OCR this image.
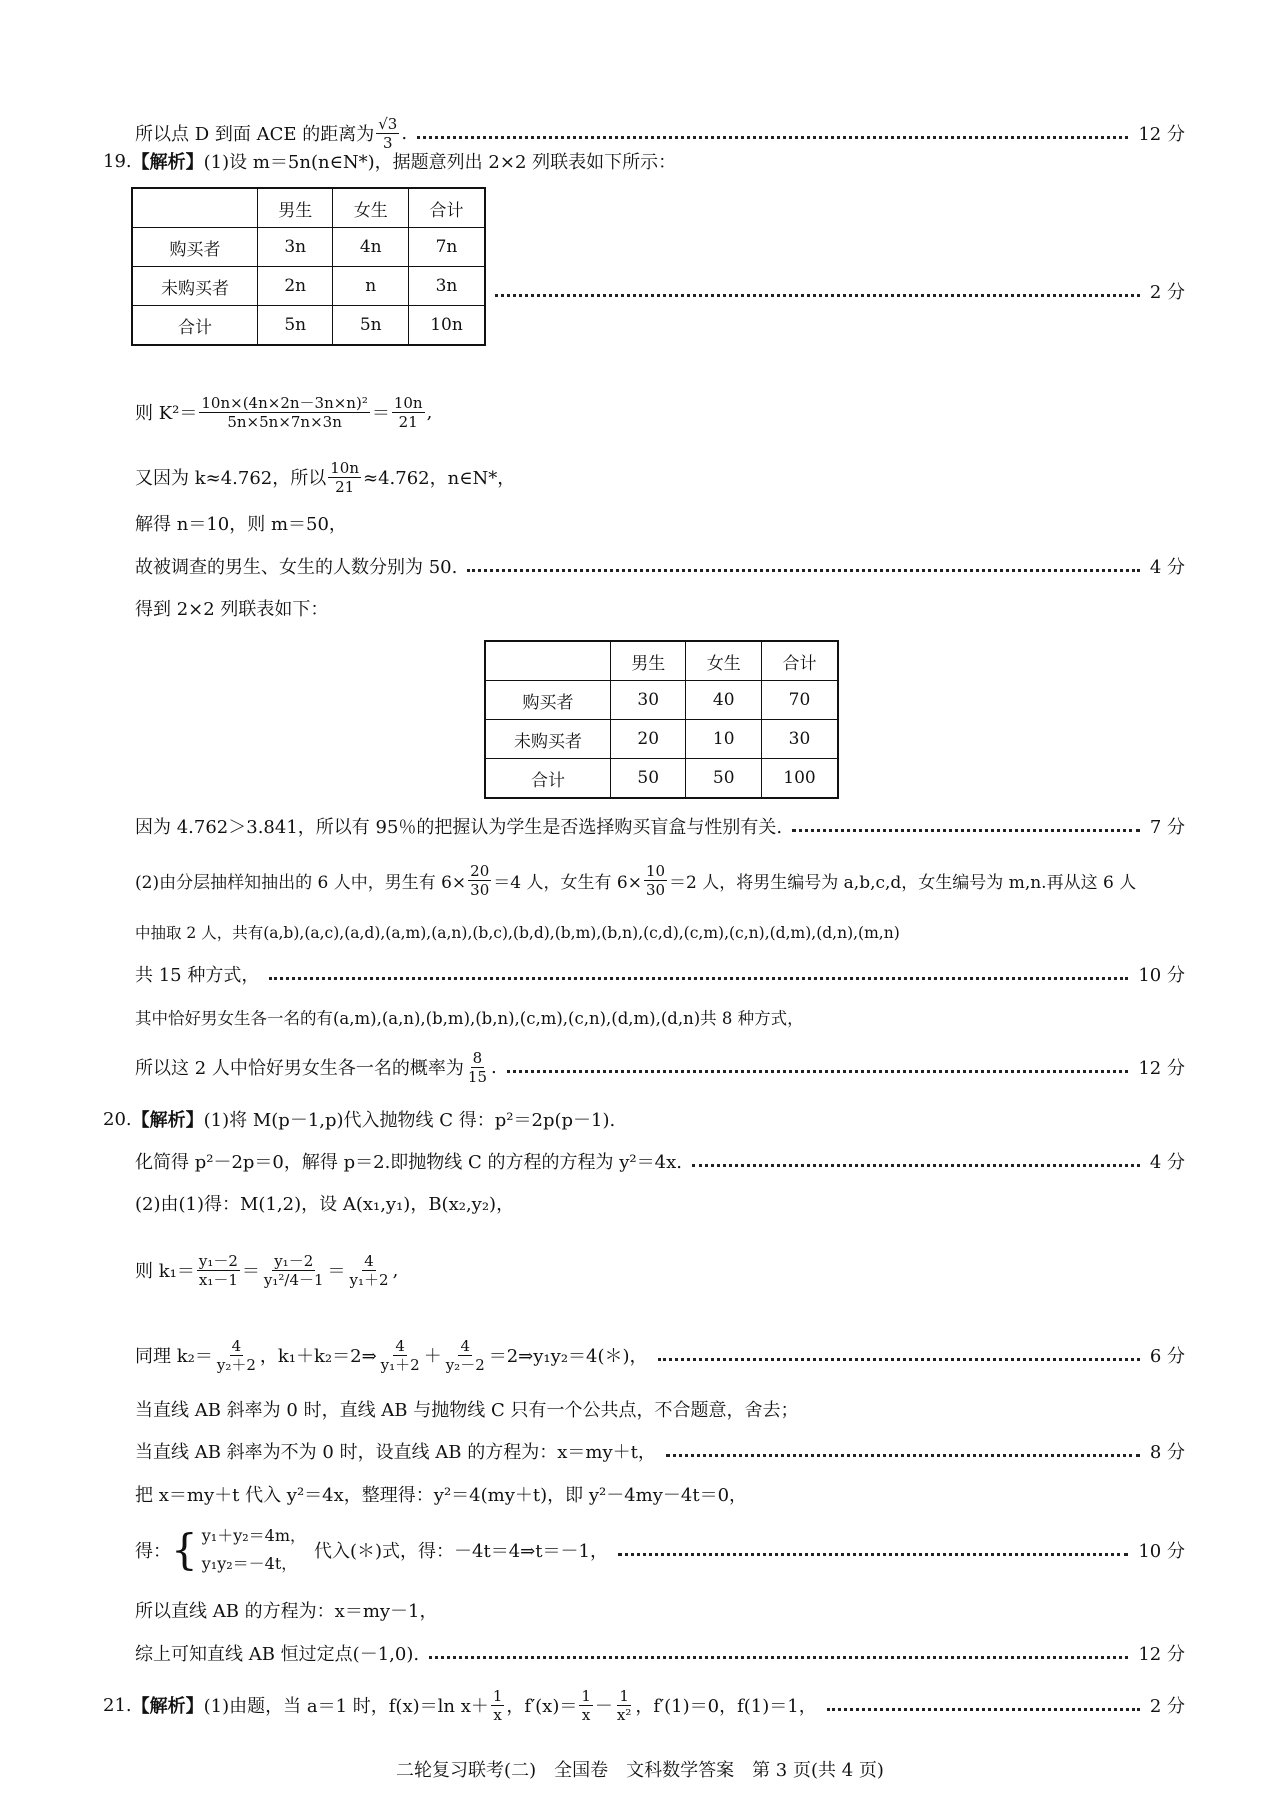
所以点 D 到面 ACE 的距离为 $\frac{√3}{3}$ .	12 分
19. 【解析】 (1)设 m＝5n(n∈N*)，据题意列出 2×2 列联表如下所示：
	男生	女生	合计
购买者	3n	4n	7n
未购买者	2n	n	3n
合计	5n	5n	10n
2 分
则 $K^2= \frac{\text{10n×(4n×2n－3n×n)²}}{5n\times 5n\times 7n\times 3n} = \frac{10n}{21}$ ,
又因为 k≈4.762，所以 $\frac{10n}{21} \approx 4.762$，n∈N*，
解得 n＝10，则 m＝50，
故被调查的男生、女生的人数分别为 50.	4 分
得到 2×2 列联表如下：
	男生	女生	合计
购买者	30	40	70
未购买者	20	10	30
合计	50	50	100
因为 4.762＞3.841，所以有 95％的把握认为学生是否选择购买盲盒与性别有关.	7 分
(2)由分层抽样知抽出的 6 人中，男生有 $6\times \frac{20}{30} =4$ 人，女生有 $6\times \frac{10}{30} =2$ 人，将男生编号为 a,b,c,d，女生编号为 m,n.再从这 6 人
中抽取 2 人，共有(a,b),(a,c),(a,d),(a,m),(a,n),(b,c),(b,d),(b,m),(b,n),(c,d),(c,m),(c,n),(d,m),(d,n),(m,n)
共 15 种方式，	10 分
其中恰好男女生各一名的有(a,m),(a,n),(b,m),(b,n),(c,m),(c,n),(d,m),(d,n)共 8 种方式，
所以这 2 人中恰好男女生各一名的概率为 $\frac{8}{15}$ .	12 分
20. 【解析】 (1)将 M(p－1,p)代入抛物线 C 得：p²＝2p(p－1).
化简得 p²－2p＝0，解得 p＝2.即抛物线 C 的方程的方程为 y²＝4x.	4 分
(2)由(1)得：M(1,2)，设 A(x₁,y₁)，B(x₂,y₂)，
则 $k_1= \frac{\text{y₁－2}}{\text{x₁－1}} = \frac{\text{y₁－2}}{\text{y₁²/4－1}} = \frac{4}{\text{y₁＋2}}$ ,
同理 $k_2= \frac{4}{\text{y₂＋2}}$ ，k₁＋k₂＝2⇒ $\frac{4}{\text{y₁＋2}} + \frac{4}{\text{y₂－2}}$ ＝2⇒y₁y₂＝4(＊)，	6 分
当直线 AB 斜率为 0 时，直线 AB 与抛物线 C 只有一个公共点，不合题意，舍去；
当直线 AB 斜率为不为 0 时，设直线 AB 的方程为：x＝my＋t，	8 分
把 x＝my＋t 代入 y²＝4x，整理得：y²＝4(my＋t)，即 y²－4my－4t＝0，
得： { y₁＋y₂＝4m，
y₁y₂＝－4t，
代入(＊)式，得：－4t＝4⇒t＝－1，	10 分
所以直线 AB 的方程为：x＝my－1，
综上可知直线 AB 恒过定点(－1,0).	12 分
21. 【解析】 (1)由题，当 a＝1 时，f(x)＝ln $x+ \frac{1}{x}$ ，$f'(x)= \frac{1}{x} - \frac{1}{\text{x²}}$ ，f′(1)＝0，f(1)＝1，	2 分
二轮复习联考(二)　全国卷　文科数学答案　第 3 页(共 4 页)
